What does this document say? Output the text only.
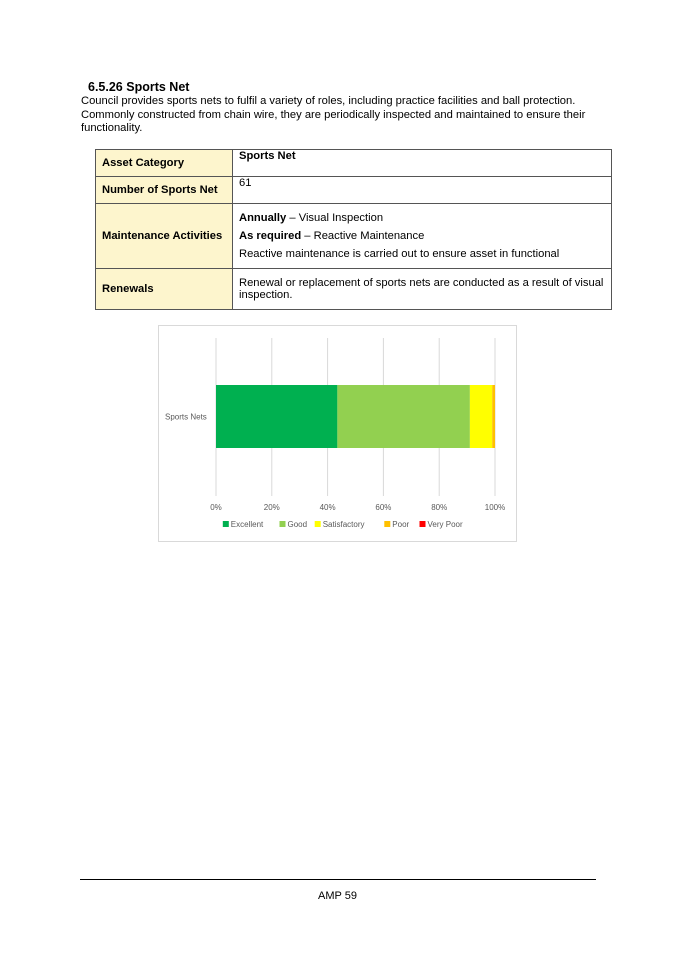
6.5.26 Sports Net

Council provides sports nets to fulfil a variety of roles, including practice facilities and ball protection. Commonly constructed from chain wire, they are periodically inspected and maintained to ensure their functionality.

Asset Category	Sports Net
Number of Sports Net	61
Maintenance Activities	Annually – Visual Inspection
As required – Reactive Maintenance
Reactive maintenance is carried out to ensure asset in functional

Renewals	Renewal or replacement of sports nets are conducted as a result of visual inspection.
0%	20%	40%	60%	80%	100%
Sports Nets
Excellent	Good Satisfactory	Poor Very Poor
AMP 59
